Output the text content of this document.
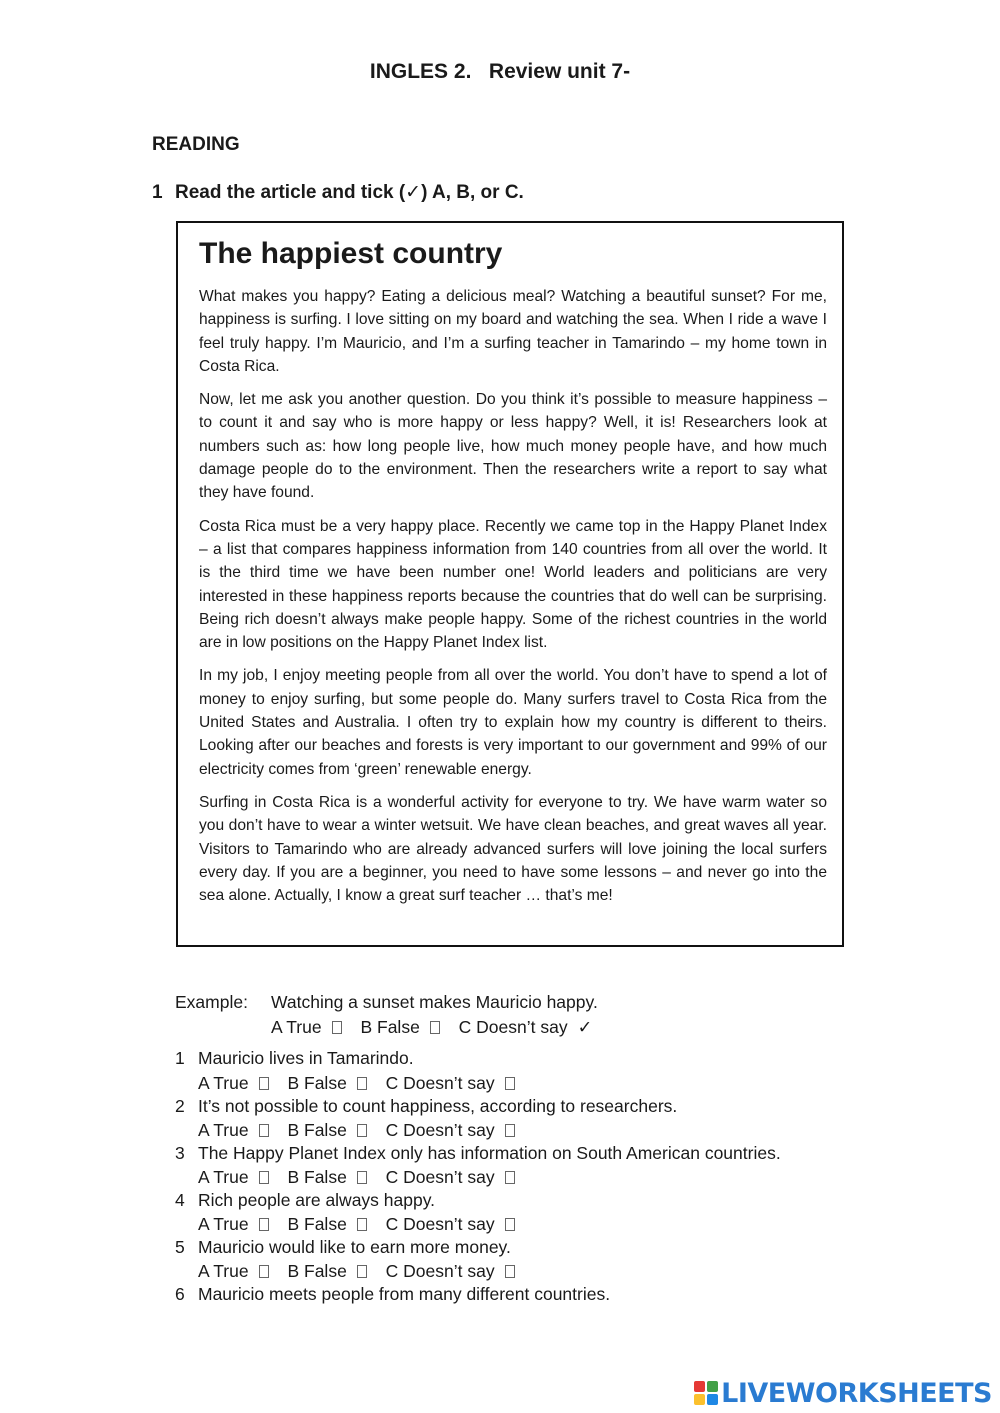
INGLES 2.   Review unit 7-
READING
1 Read the article and tick (✓) A, B, or C.
The happiest country

What makes you happy? Eating a delicious meal? Watching a beautiful sunset? For me, happiness is surfing. I love sitting on my board and watching the sea. When I ride a wave I feel truly happy. I’m Mauricio, and I’m a surfing teacher in Tamarindo – my home town in Costa Rica.

Now, let me ask you another question. Do you think it’s possible to measure happiness – to count it and say who is more happy or less happy? Well, it is! Researchers look at numbers such as: how long people live, how much money people have, and how much damage people do to the environment. Then the researchers write a report to say what they have found.

Costa Rica must be a very happy place. Recently we came top in the Happy Planet Index – a list that compares happiness information from 140 countries from all over the world. It is the third time we have been number one! World leaders and politicians are very interested in these happiness reports because the countries that do well can be surprising. Being rich doesn’t always make people happy. Some of the richest countries in the world are in low positions on the Happy Planet Index list.

In my job, I enjoy meeting people from all over the world. You don’t have to spend a lot of money to enjoy surfing, but some people do. Many surfers travel to Costa Rica from the United States and Australia. I often try to explain how my country is different to theirs. Looking after our beaches and forests is very important to our government and 99% of our electricity comes from ‘green’ renewable energy.

Surfing in Costa Rica is a wonderful activity for everyone to try. We have warm water so you don’t have to wear a winter wetsuit. We have clean beaches, and great waves all year. Visitors to Tamarindo who are already advanced surfers will love joining the local surfers every day. If you are a beginner, you need to have some lessons – and never go into the sea alone. Actually, I know a great surf teacher … that’s me!

Example: Watching a sunset makes Mauricio happy.
A True B False C Doesn’t say ✓
1 Mauricio lives in Tamarindo.
A True B False C Doesn’t say
2 It’s not possible to count happiness, according to researchers.
A True B False C Doesn’t say
3 The Happy Planet Index only has information on South American countries.
A True B False C Doesn’t say
4 Rich people are always happy.
A True B False C Doesn’t say
5 Mauricio would like to earn more money.
A True B False C Doesn’t say
6 Mauricio meets people from many different countries.
LIVEWORKSHEETS
